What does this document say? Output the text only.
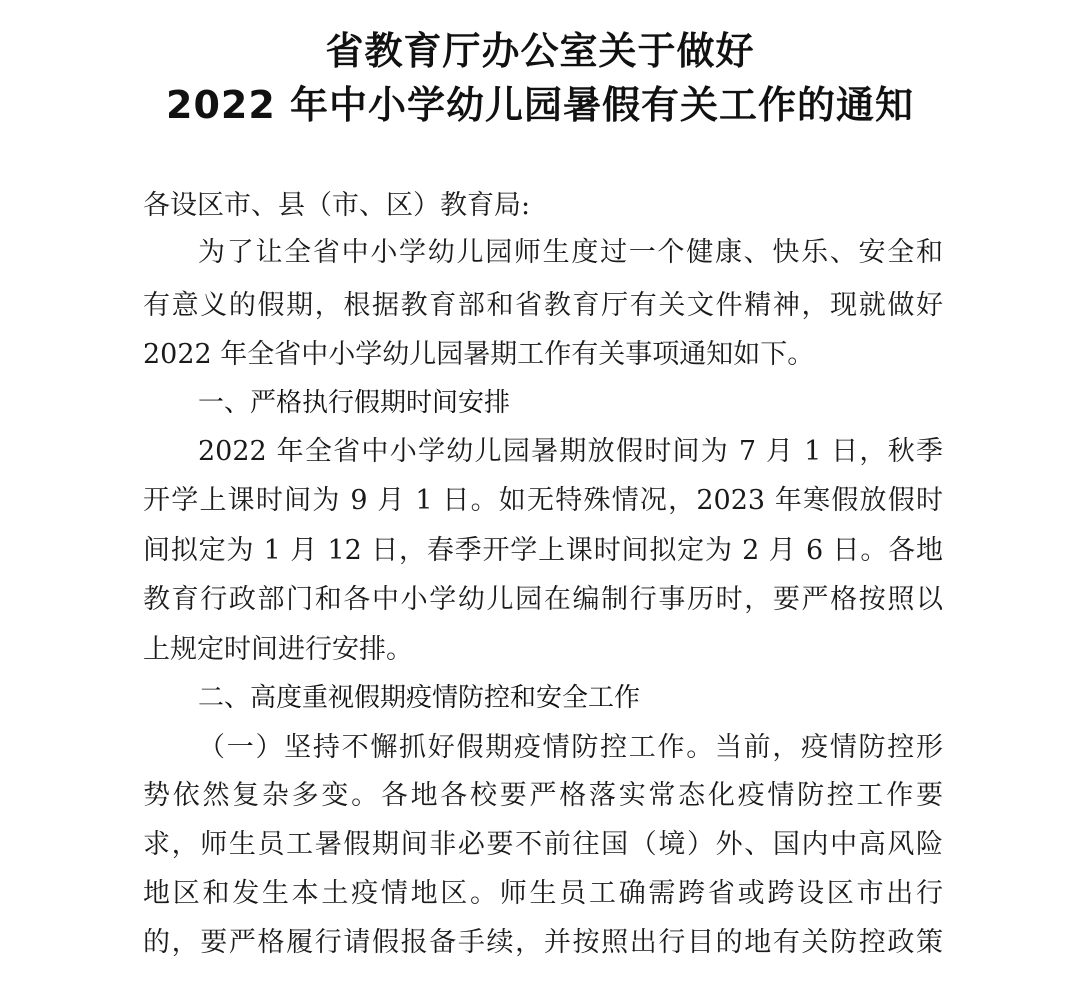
省教育厅办公室关于做好
2022 年中小学幼儿园暑假有关工作的通知
各设区市、县（市、区）教育局:
为了让全省中小学幼儿园师生度过一个健康、快乐、安全和
有意义的假期，根据教育部和省教育厅有关文件精神，现就做好
2022 年全省中小学幼儿园暑期工作有关事项通知如下。
一、严格执行假期时间安排
2022 年全省中小学幼儿园暑期放假时间为 7 月 1 日，秋季
开学上课时间为 9 月 1 日。如无特殊情况，2023 年寒假放假时
间拟定为 1 月 12 日，春季开学上课时间拟定为 2 月 6 日。各地
教育行政部门和各中小学幼儿园在编制行事历时，要严格按照以
上规定时间进行安排。
二、高度重视假期疫情防控和安全工作
（一）坚持不懈抓好假期疫情防控工作。当前，疫情防控形
势依然复杂多变。各地各校要严格落实常态化疫情防控工作要
求，师生员工暑假期间非必要不前往国（境）外、国内中高风险
地区和发生本土疫情地区。师生员工确需跨省或跨设区市出行
的，要严格履行请假报备手续，并按照出行目的地有关防控政策
